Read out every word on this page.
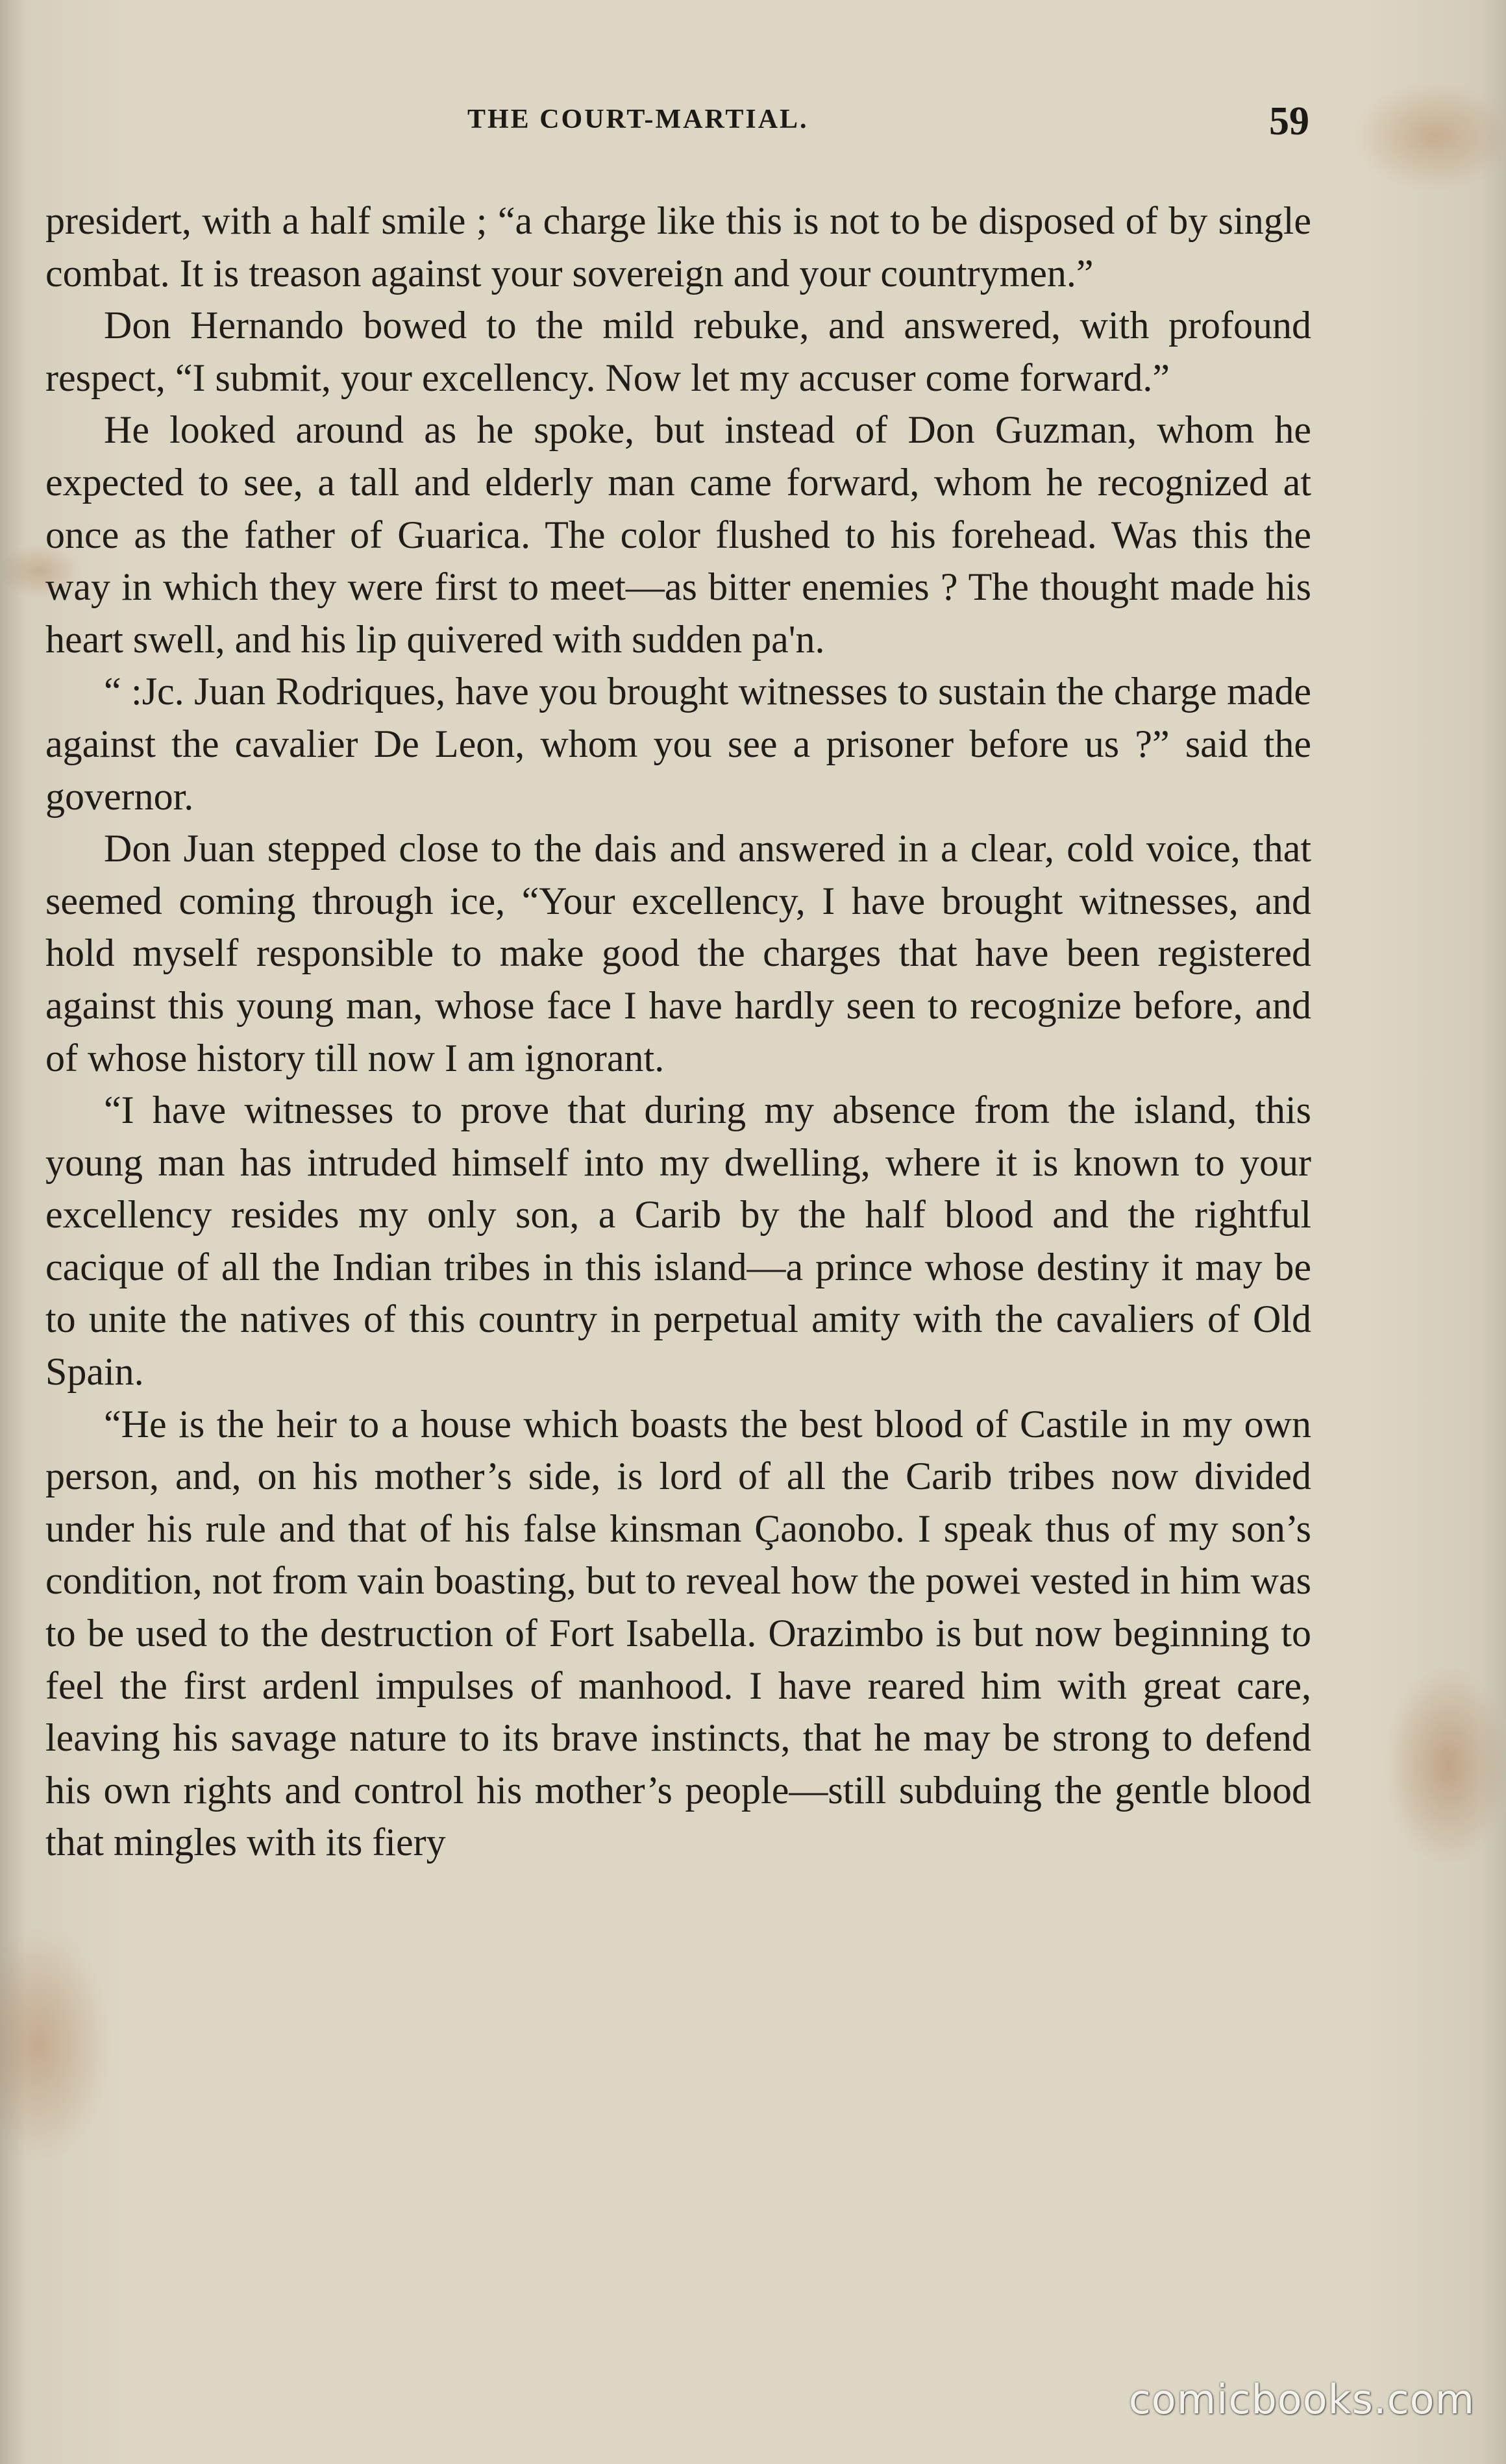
THE COURT-MARTIAL.	59

presidert, with a half smile ; “a charge like this is not to be disposed of by single combat. It is treason against your sovereign and your countrymen.”

Don Hernando bowed to the mild rebuke, and answered, with profound respect, “I submit, your excellency. Now let my accuser come forward.”

He looked around as he spoke, but instead of Don Guzman, whom he expected to see, a tall and elderly man came forward, whom he recognized at once as the father of Guarica. The color flushed to his forehead. Was this the way in which they were first to meet—as bitter enemies ? The thought made his heart swell, and his lip quivered with sudden pa'n.

“ :Jc. Juan Rodriques, have you brought witnesses to sustain the charge made against the cavalier De Leon, whom you see a prisoner before us ?” said the governor.

Don Juan stepped close to the dais and answered in a clear, cold voice, that seemed coming through ice, “Your excellency, I have brought witnesses, and hold myself responsible to make good the charges that have been registered against this young man, whose face I have hardly seen to recognize before, and of whose history till now I am ignorant.

“I have witnesses to prove that during my absence from the island, this young man has intruded himself into my dwelling, where it is known to your excellency resides my only son, a Carib by the half blood and the rightful cacique of all the Indian tribes in this island—a prince whose destiny it may be to unite the natives of this country in perpetual amity with the cavaliers of Old Spain.

“He is the heir to a house which boasts the best blood of Castile in my own person, and, on his mother’s side, is lord of all the Carib tribes now divided under his rule and that of his false kinsman Çaonobo. I speak thus of my son’s condition, not from vain boasting, but to reveal how the powei vested in him was to be used to the destruction of Fort Isabella. Orazimbo is but now beginning to feel the first ardenl impulses of manhood. I have reared him with great care, leaving his savage nature to its brave instincts, that he may be strong to defend his own rights and control his mother’s people—still subduing the gentle blood that mingles with its fiery

comicbooks.com
